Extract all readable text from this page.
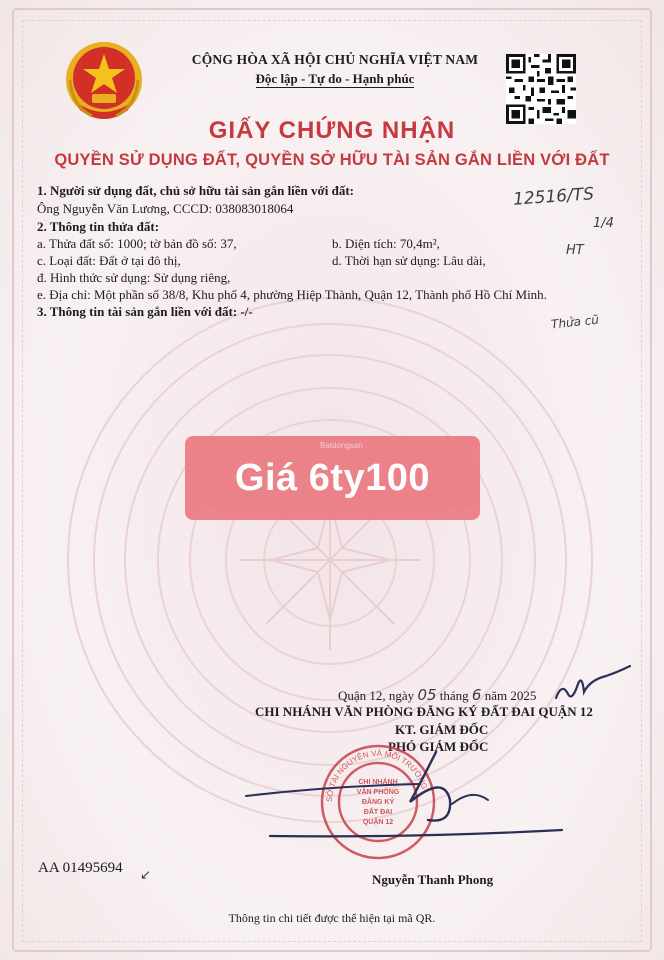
CỘNG HÒA XÃ HỘI CHỦ NGHĨA VIỆT NAM
Độc lập - Tự do - Hạnh phúc
GIẤY CHỨNG NHẬN
QUYỀN SỬ DỤNG ĐẤT, QUYỀN SỞ HỮU TÀI SẢN GẮN LIỀN VỚI ĐẤT
1. Người sử dụng đất, chủ sở hữu tài sản gắn liền với đất:
Ông Nguyễn Văn Lương, CCCD: 038083018064
2. Thông tin thửa đất:
a. Thửa đất số: 1000; tờ bản đồ số: 37,	b. Diện tích: 70,4m²,
c. Loại đất: Đất ở tại đô thị,	d. Thời hạn sử dụng: Lâu dài,
đ. Hình thức sử dụng: Sử dụng riêng,
e. Địa chỉ: Một phần số 38/8, Khu phố 4, phường Hiệp Thành, Quận 12, Thành phố Hồ Chí Minh.
3. Thông tin tài sản gắn liền với đất: -/-
12516/TS
1/4
HT
Thửa cũ
Giá 6ty100
Batdongsan
Quận 12, ngày 05 tháng 6 năm 2025
CHI NHÁNH VĂN PHÒNG ĐĂNG KÝ ĐẤT ĐAI QUẬN 12
KT. GIÁM ĐỐC
PHÓ GIÁM ĐỐC
SỞ TÀI NGUYÊN VÀ MÔI TRƯỜNG
CHI NHÁNH
VĂN PHÒNG
ĐĂNG KÝ
ĐẤT ĐAI
QUẬN 12
Nguyễn Thanh Phong
AA 01495694 ↙
Thông tin chi tiết được thể hiện tại mã QR.
